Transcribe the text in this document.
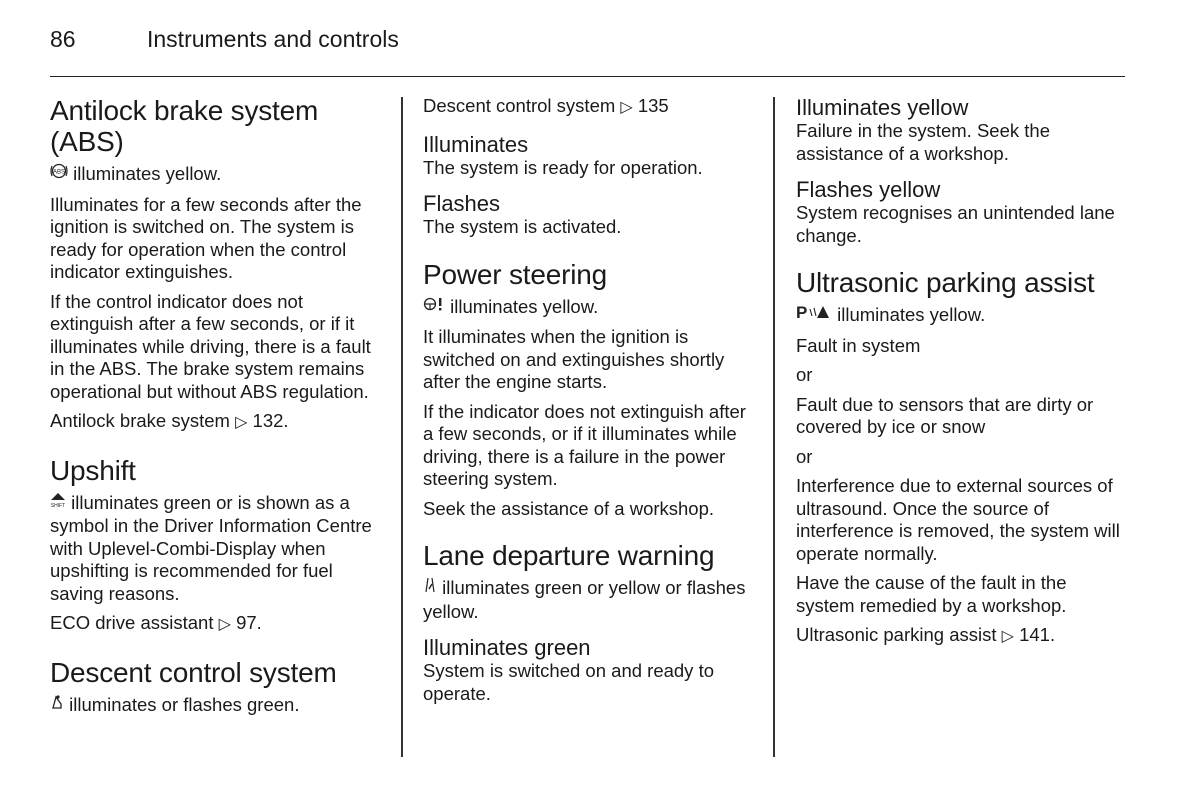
86	Instruments and controls
Antilock brake system (ABS)

ABS illuminates yellow.

Illuminates for a few seconds after the ignition is switched on. The system is ready for operation when the control indicator extinguishes.

If the control indicator does not extinguish after a few seconds, or if it illuminates while driving, there is a fault in the ABS. The brake system remains operational but without ABS regulation.

Antilock brake system ▷ 132.

Upshift

SHIFT illuminates green or is shown as a symbol in the Driver Information Centre with Uplevel-Combi-Display when upshifting is recommended for fuel saving reasons.

ECO drive assistant ▷ 97.

Descent control system

illuminates or flashes green.

Descent control system ▷ 135

Illuminates

The system is ready for operation.

Flashes

The system is activated.

Power steering

illuminates yellow.

It illuminates when the ignition is switched on and extinguishes shortly after the engine starts.

If the indicator does not extinguish after a few seconds, or if it illuminates while driving, there is a failure in the power steering system.

Seek the assistance of a workshop.

Lane departure warning

illuminates green or yellow or flashes yellow.

Illuminates green

System is switched on and ready to operate.

Illuminates yellow

Failure in the system. Seek the assistance of a workshop.

Flashes yellow

System recognises an unintended lane change.

Ultrasonic parking assist

P illuminates yellow.

Fault in system

or

Fault due to sensors that are dirty or covered by ice or snow

or

Interference due to external sources of ultrasound. Once the source of interference is removed, the system will operate normally.

Have the cause of the fault in the system remedied by a workshop.

Ultrasonic parking assist ▷ 141.
